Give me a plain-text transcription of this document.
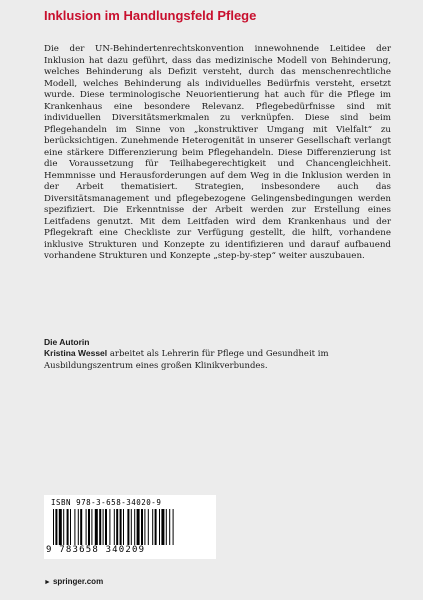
Inklusion im Handlungsfeld Pflege

Die der UN-Behindertenrechtskonvention innewohnende Leitidee der Inklusion hat dazu geführt, dass das medizinische Modell von Behinderung, welches Behinderung als Defizit versteht, durch das menschenrechtliche Modell, welches Behinderung als individuelles Bedürfnis versteht, ersetzt wurde. Diese terminologische Neuorientierung hat auch für die Pflege im Krankenhaus eine besondere Relevanz. Pflegebedürfnisse sind mit individuellen Diversitätsmerkmalen zu verknüpfen. Diese sind beim Pflegehandeln im Sinne von „konstruktiver Umgang mit Vielfalt“ zu berücksichtigen. Zunehmende Heterogenität in unserer Gesellschaft verlangt eine stärkere Differenzierung beim Pflegehandeln. Diese Differenzierung ist die Voraussetzung für Teilhabegerechtigkeit und Chancengleichheit. Hemmnisse und Herausforderungen auf dem Weg in die Inklusion werden in der Arbeit thematisiert. Strategien, insbesondere auch das Diversitätsmanagement und pflegebezogene Gelingensbedingungen werden spezifiziert. Die Erkenntnisse der Arbeit werden zur Erstellung eines Leitfadens genutzt. Mit dem Leitfaden wird dem Krankenhaus und der Pflegekraft eine Checkliste zur Verfügung gestellt, die hilft, vorhandene inklusive Strukturen und Konzepte zu identifizieren und darauf aufbauend vorhandene Strukturen und Konzepte „step-by-step“ weiter auszubauen.

Die Autorin

Kristina Wessel arbeitet als Lehrerin für Pflege und Gesundheit im Ausbildungszentrum eines großen Klinikverbundes.

ISBN 978-3-658-34020-9
9 783658 340209
► springer.com
